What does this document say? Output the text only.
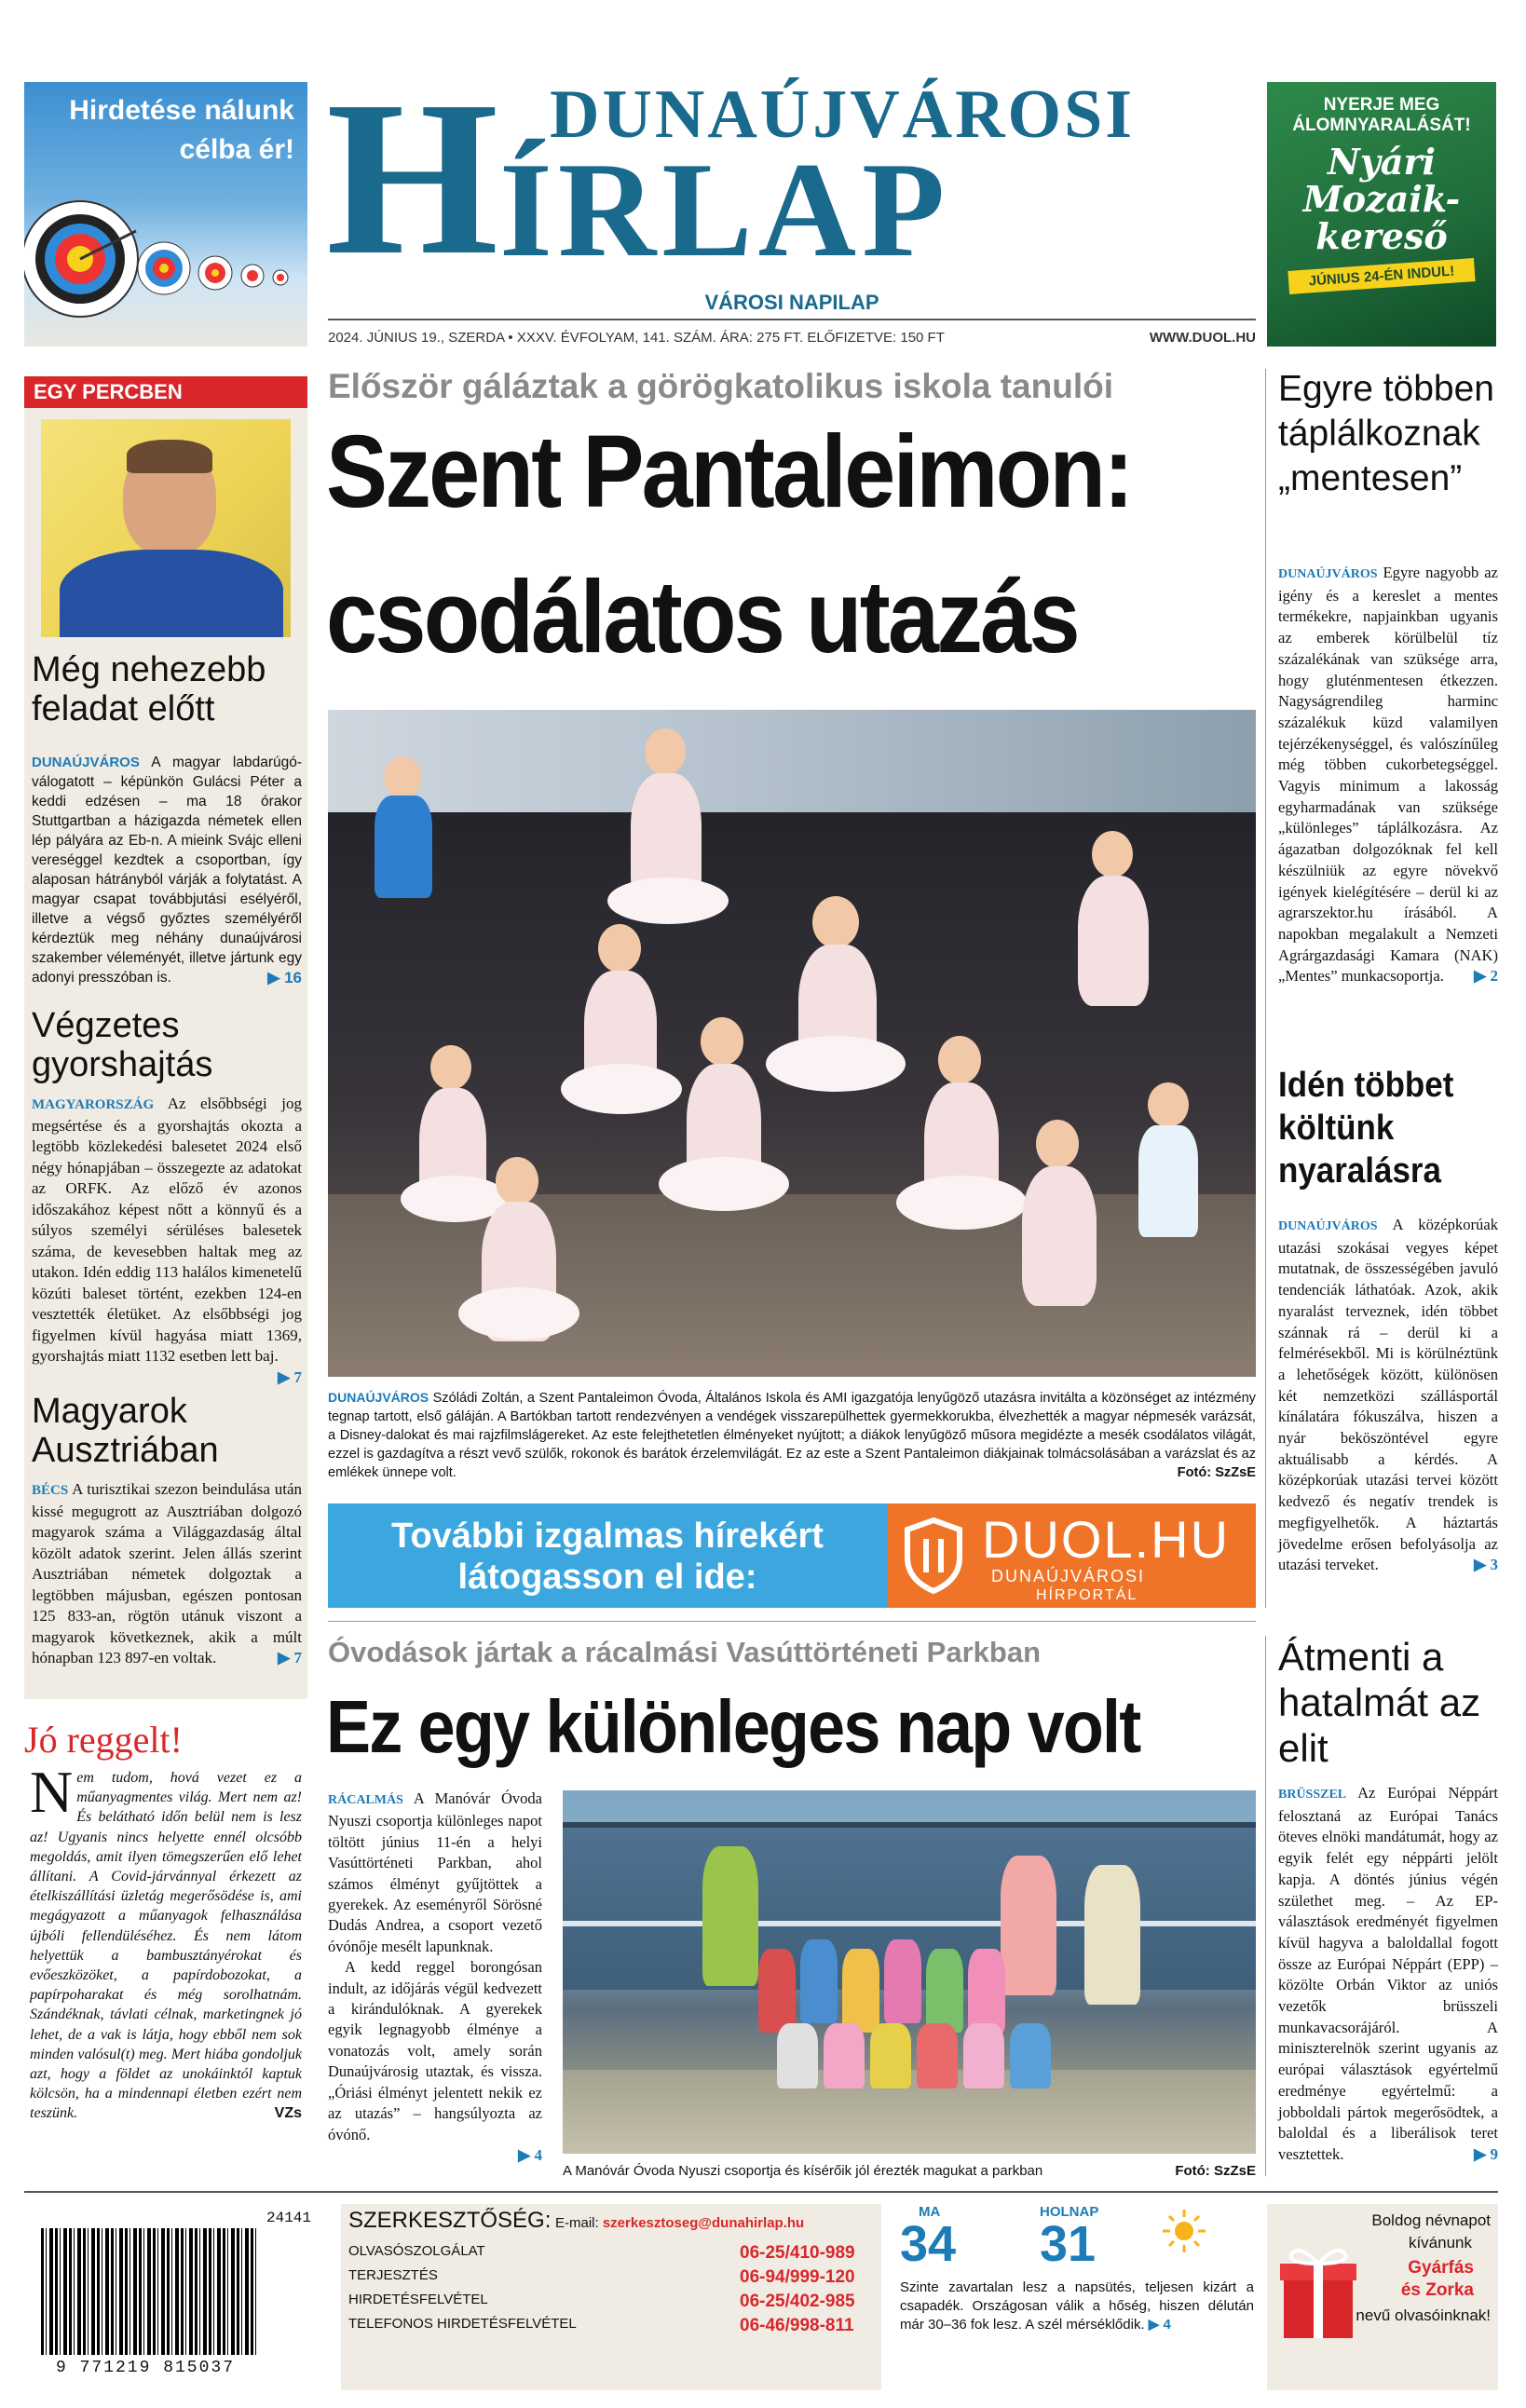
Hirdetése nálunk
célba ér! H DUNAÚJVÁROSI
ÍRLAP
VÁROSI NAPILAP
2024. JÚNIUS 19., SZERDA • XXXV. ÉVFOLYAM, 141. SZÁM. ÁRA: 275 FT. ELŐFIZETVE: 150 FT	WWW.DUOL.HU
NYERJE MEG
ÁLOMNYARALÁSÁT!
Nyári
Mozaik-
kereső
JÚNIUS 24-ÉN INDUL!
EGY PERCBEN
Még nehezebb feladat előtt
DUNAÚJVÁROS A magyar labdarúgó-válogatott – képünkön Gulácsi Péter a keddi edzésen – ma 18 órakor Stuttgartban a házigazda németek ellen lép pályára az Eb-n. A mieink Svájc elleni vereséggel kezdtek a csoportban, így alaposan hátrányból várják a folytatást. A magyar csapat továbbjutási esélyéről, illetve a végső győztes személyéről kérdeztük meg néhány dunaújvárosi szakember véleményét, illetve jártunk egy adonyi presszóban is.	▶ 16
Végzetes gyorshajtás
MAGYARORSZÁG Az elsőbbségi jog megsértése és a gyorshajtás okozta a legtöbb közlekedési balesetet 2024 első négy hónapjában – összegezte az adatokat az ORFK. Az előző év azonos időszakához képest nőtt a könnyű és a súlyos személyi sérüléses balesetek száma, de kevesebben haltak meg az utakon. Idén eddig 113 halálos kimenetelű közúti baleset történt, ezekben 124-en vesztették életüket. Az elsőbbségi jog figyelmen kívül hagyása miatt 1369, gyorshajtás miatt 1132 esetben lett baj.
▶ 7
Magyarok Ausztriában
BÉCS A turisztikai szezon beindulása után kissé megugrott az Ausztriában dolgozó magyarok száma a Világgazdaság által közölt adatok szerint. Jelen állás szerint Ausztriában németek dolgoztak a legtöbben májusban, egészen pontosan 125 833-an, rögtön utánuk viszont a magyarok következnek, akik a múlt hónapban 123 897-en voltak.	▶ 7
Jó reggelt!
N em tudom, hová vezet ez a műanyagmentes világ. Mert nem az! És belátható időn belül nem is lesz az! Ugyanis nincs helyette ennél olcsóbb megoldás, amit ilyen tömegszerűen elő lehet állítani. A Covid-járvánnyal érkezett az ételkiszállítási üzletág megerősödése is, ami megágyazott a műanyagok felhasználása újbóli fellendüléséhez. És nem látom helyettük a bambusztányérokat és evőeszközöket, a papírdobozokat, a papírpoharakat és még sorolhatnám. Szándéknak, távlati célnak, marketingnek jó lehet, de a vak is látja, hogy ebből nem sok minden valósul(t) meg. Mert hiába gondoljuk azt, hogy a földet az unokáinktól kaptuk kölcsön, ha a mindennapi életben ezért nem teszünk.	VZs
Először gáláztak a görögkatolikus iskola tanulói
Szent Pantaleimon:
csodálatos utazás
DUNAÚJVÁROS Szóládi Zoltán, a Szent Pantaleimon Óvoda, Általános Iskola és AMI igazgatója lenyűgöző utazásra invitálta a közönséget az intézmény tegnap tartott, első gáláján. A Bartókban tartott rendezvényen a vendégek visszarepülhettek gyermekkorukba, élvezhették a magyar népmesék varázsát, a Disney-dalokat és mai rajzfilmslágereket. Az este felejthetetlen élményeket nyújtott; a diákok lenyűgöző műsora megidézte a mesék csodálatos világát, ezzel is gazdagítva a részt vevő szülők, rokonok és barátok érzelemvilágát. Ez az este a Szent Pantaleimon diákjainak tolmácsolásában a varázslat és az emlékek ünnepe volt.	Fotó: SzZsE
További izgalmas hírekért
látogasson el ide:
DUOL.HU
DUNAÚJVÁROSI
HÍRPORTÁL
Óvodások jártak a rácalmási Vasúttörténeti Parkban
Ez egy különleges nap volt
RÁCALMÁS A Manóvár Óvoda Nyuszi csoportja különleges napot töltött június 11-én a helyi Vasúttörténeti Parkban, ahol számos élményt gyűjtöttek a gyerekek. Az eseményről Sörösné Dudás Andrea, a csoport vezető óvónője mesélt lapunknak.
A kedd reggel borongósan indult, az időjárás végül kedvezett a kirándulóknak. A gyerekek egyik legnagyobb élménye a vonatozás volt, amely során Dunaújvárosig utaztak, és vissza. „Óriási élményt jelentett nekik ez az utazás” – hangsúlyozta az óvónő.
▶ 4
A Manóvár Óvoda Nyuszi csoportja és kísérőik jól érezték magukat a parkban	Fotó: SzZsE
Egyre többen táplálkoznak „mentesen”
DUNAÚJVÁROS Egyre nagyobb az igény és a kereslet a mentes termékekre, napjainkban ugyanis az emberek körülbelül tíz százalékának van szüksége arra, hogy gluténmentesen étkezzen. Nagyságrendileg harminc százalékuk küzd valamilyen tejérzékenységgel, és valószínűleg még többen cukorbetegséggel. Vagyis minimum a lakosság egyharmadának van szüksége „különleges” táplálkozásra. Az ágazatban dolgozóknak fel kell készülniük az egyre növekvő igények kielégítésére – derül ki az agrarszektor.hu írásából. A napokban megalakult a Nemzeti Agrárgazdasági Kamara (NAK) „Mentes” munkacsoportja. ▶ 2
Idén többet költünk nyaralásra
DUNAÚJVÁROS A középkorúak utazási szokásai vegyes képet mutatnak, de összességében javuló tendenciák láthatóak. Azok, akik nyaralást terveznek, idén többet szánnak rá – derül ki a felmérésekből. Mi is körülnéztünk a lehetőségek között, különösen két nemzetközi szállásportál kínálatára fókuszálva, hiszen a nyár beköszöntével egyre aktuálisabb a kérdés. A középkorúak utazási tervei között kedvező és negatív trendek is megfigyelhetők. A háztartás jövedelme erősen befolyásolja az utazási terveket.	▶ 3
Átmenti a hatalmát az elit
BRÜSSZEL Az Európai Néppárt felosztaná az Európai Tanács öteves elnöki mandátumát, hogy az egyik felét egy néppárti jelölt kapja. A döntés június végén születhet meg. – Az EP-választások eredményét figyelmen kívül hagyva a baloldallal fogott össze az Európai Néppárt (EPP) – közölte Orbán Viktor az uniós vezetők brüsszeli munkavacsorájáról. A miniszterelnök szerint ugyanis az európai választások egyértelmű eredménye egyértelmű: a jobboldali pártok megerősödtek, a baloldal és a liberálisok teret vesztettek.	▶ 9
24141
9 771219 815037
SZERKESZTŐSÉG: E-mail: szerkesztoseg@dunahirlap.hu
OLVASÓSZOLGÁLAT	06-25/410-989
TERJESZTÉS	06-94/999-120
HIRDETÉSFELVÉTEL	06-25/402-985
TELEFONOS HIRDETÉSFELVÉTEL	06-46/998-811
MA
34
HOLNAP
31
Szinte zavartalan lesz a napsütés, teljesen kizárt a csapadék. Országosan válik a hőség, hiszen délután már 30–36 fok lesz. A szél mérséklődik. ▶ 4
Boldog névnapot
kívánunk
Gyárfás
és Zorka
nevű olvasóinknak!
